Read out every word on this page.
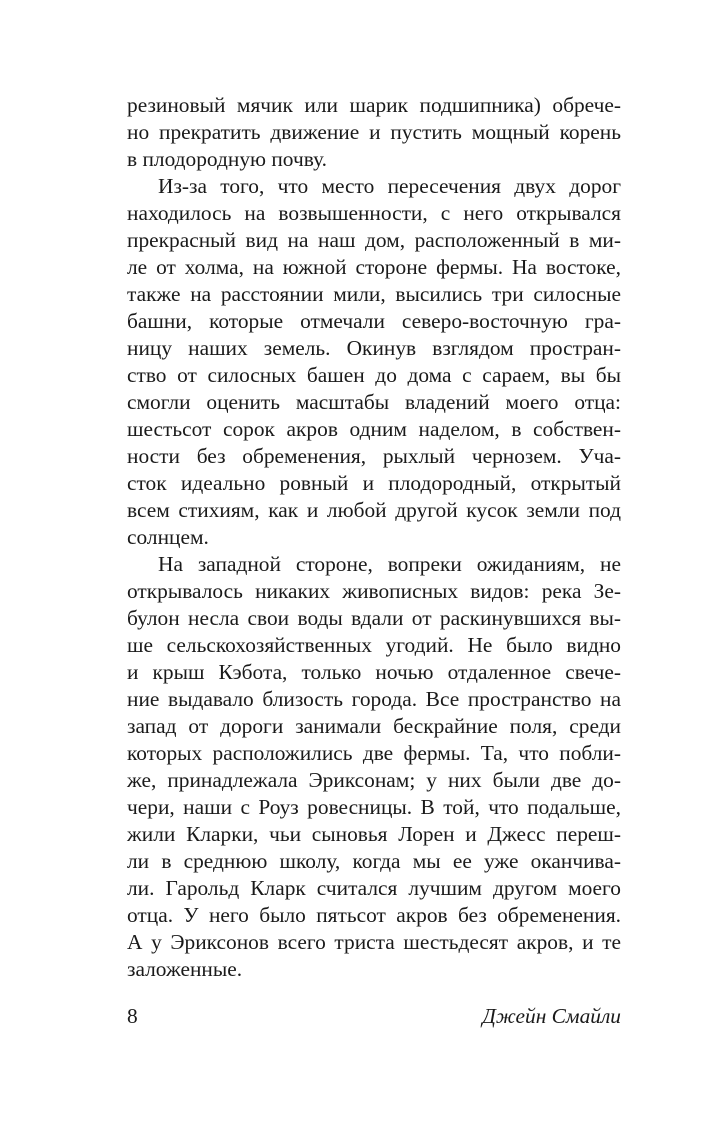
резиновый мячик или шарик подшипника) обрече-
но прекратить движение и пустить мощный корень
в плодородную почву.
Из-за того, что место пересечения двух дорог
находилось на возвышенности, с него открывался
прекрасный вид на наш дом, расположенный в ми-
ле от холма, на южной стороне фермы. На востоке,
также на расстоянии мили, высились три силосные
башни, которые отмечали северо-восточную гра-
ницу наших земель. Окинув взглядом простран-
ство от силосных башен до дома с сараем, вы бы
смогли оценить масштабы владений моего отца:
шестьсот сорок акров одним наделом, в собствен-
ности без обременения, рыхлый чернозем. Уча-
сток идеально ровный и плодородный, открытый
всем стихиям, как и любой другой кусок земли под
солнцем.
На западной стороне, вопреки ожиданиям, не
открывалось никаких живописных видов: река Зе-
булон несла свои воды вдали от раскинувшихся вы-
ше сельскохозяйственных угодий. Не было видно
и крыш Кэбота, только ночью отдаленное свече-
ние выдавало близость города. Все пространство на
запад от дороги занимали бескрайние поля, среди
которых расположились две фермы. Та, что побли-
же, принадлежала Эриксонам; у них были две до-
чери, наши с Роуз ровесницы. В той, что подальше,
жили Кларки, чьи сыновья Лорен и Джесс переш-
ли в среднюю школу, когда мы ее уже оканчива-
ли. Гарольд Кларк считался лучшим другом моего
отца. У него было пятьсот акров без обременения.
А у Эриксонов всего триста шестьдесят акров, и те
заложенные.
8	Джейн Смайли
